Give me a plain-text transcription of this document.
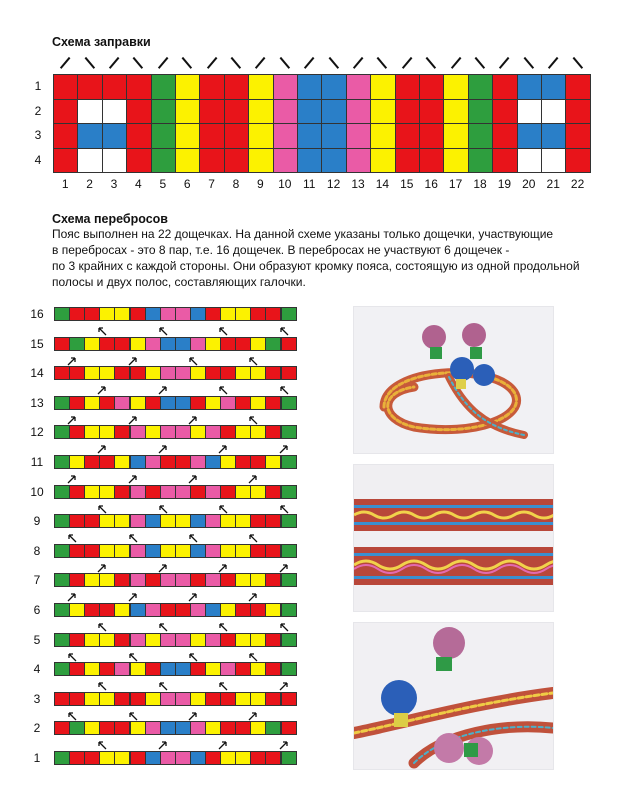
Схема заправки
1
2
3
4
1	2	3	4	5	6	7	8	9	10 11 12 13 14 15 16 17 18 19 20 21 22
Схема перебросов
Пояс выполнен на 22 дощечках. На данной схеме указаны только дощечки, участвующие
в перебросах - это 8 пар, т.е. 16 дощечек. В перебросах не участвуют 6 дощечек -
по 3 крайних с каждой стороны. Они образуют кромку пояса, состоящую из одной продольной
полосы и двух полос, составляющих галочки.
16
15
14
13
12
11
10
9
8
7
6
5
4
3
2
1
